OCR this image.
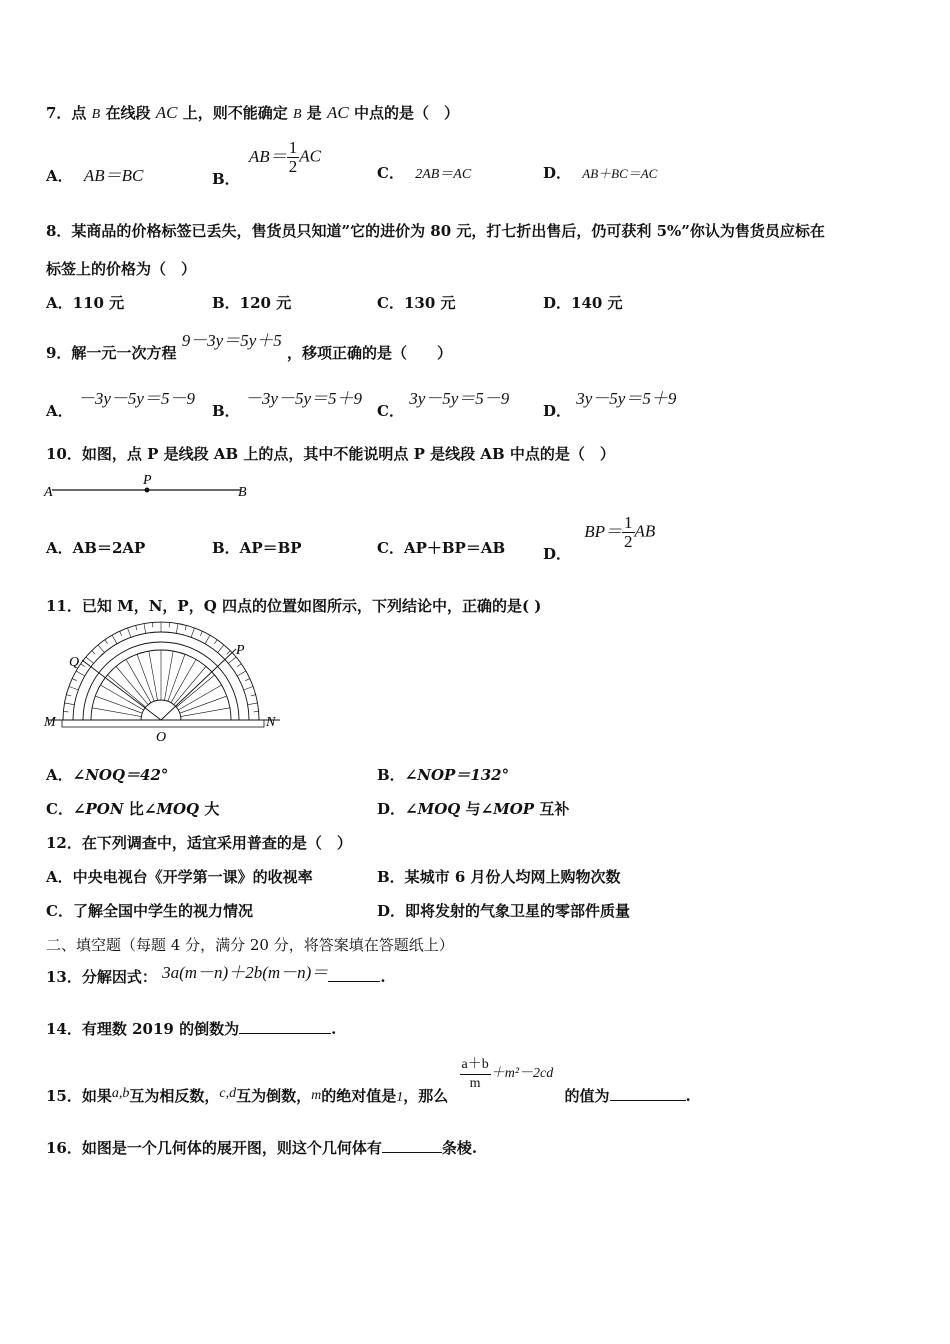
7．点 B 在线段 AC 上，则不能确定 B 是 AC 中点的是（　）
A． AB＝BC	B． $AB= \frac{1}{2}$ AC
C． 2AB＝AC	D． AB＋BC＝AC
8．某商品的价格标签已丢失，售货员只知道”它的进价为 80 元，打七折出售后，仍可获利 5%”你认为售货员应标在
标签上的价格为（　）
A．110 元	B．120 元	C．130 元	D．140 元
9．解一元一次方程 9－3y＝5y＋5 ，移项正确的是（　　）
A． －3y－5y＝5－9
B． －3y－5y＝5＋9
C． 3y－5y＝5－9
D． 3y－5y＝5＋9
10．如图，点 P 是线段 AB 上的点，其中不能说明点 P 是线段 AB 中点的是（　）
A
P
B
A．AB＝2AP	B．AP＝BP	C．AP＋BP＝AB	D． $BP= \frac{1}{2}$ AB
11．已知 M，N，P，Q 四点的位置如图所示，下列结论中，正确的是( )
M	N
P
Q
O
A．∠NOQ＝42°	B．∠NOP＝132°
C．∠PON 比∠MOQ 大	D．∠MOQ 与∠MOP 互补
12．在下列调查中，适宜采用普查的是（　）
A．中央电视台《开学第一课》的收视率	B．某城市 6 月份人均网上购物次数
C．了解全国中学生的视力情况	D．即将发射的气象卫星的零部件质量
二、填空题（每题 4 分，满分 20 分，将答案填在答题纸上）
13．分解因式： 3a(m－n)＋2b(m－n)＝	.
14．有理数 2019 的倒数为	.
15．如果a,b互为相反数，c,d互为倒数，m的绝对值是1，那么
$\frac{a+b}{m} +m^2-2cd$ 的值为	.
16．如图是一个几何体的展开图，则这个几何体有	条棱.
